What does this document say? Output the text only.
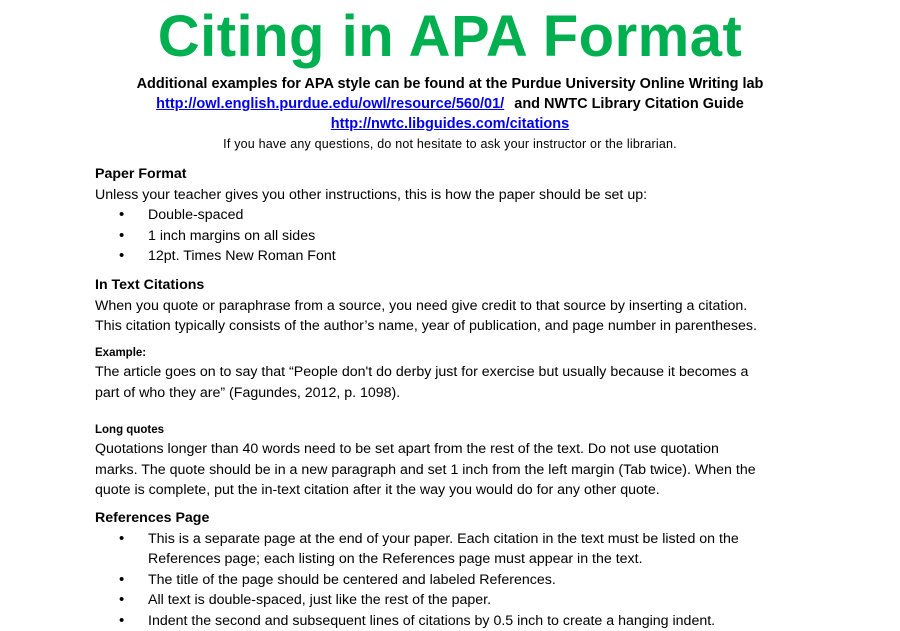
Citing in APA Format
Additional examples for APA style can be found at the Purdue University Online Writing lab
http://owl.english.purdue.edu/owl/resource/560/01/ and NWTC Library Citation Guide
http://nwtc.libguides.com/citations
If you have any questions, do not hesitate to ask your instructor or the librarian.

Paper Format

Unless your teacher gives you other instructions, this is how the paper should be set up:

• Double-spaced
• 1 inch margins on all sides
• 12pt. Times New Roman Font

In Text Citations

When you quote or paraphrase from a source, you need give credit to that source by inserting a citation.

This citation typically consists of the author’s name, year of publication, and page number in parentheses.

Example:

The article goes on to say that “People don't do derby just for exercise but usually because it becomes a

part of who they are” (Fagundes, 2012, p. 1098).

Long quotes

Quotations longer than 40 words need to be set apart from the rest of the text. Do not use quotation

marks. The quote should be in a new paragraph and set 1 inch from the left margin (Tab twice). When the

quote is complete, put the in-text citation after it the way you would do for any other quote.

References Page

• This is a separate page at the end of your paper. Each citation in the text must be listed on the
References page; each listing on the References page must appear in the text.
• The title of the page should be centered and labeled References.
• All text is double-spaced, just like the rest of the paper.
• Indent the second and subsequent lines of citations by 0.5 inch to create a hanging indent.
